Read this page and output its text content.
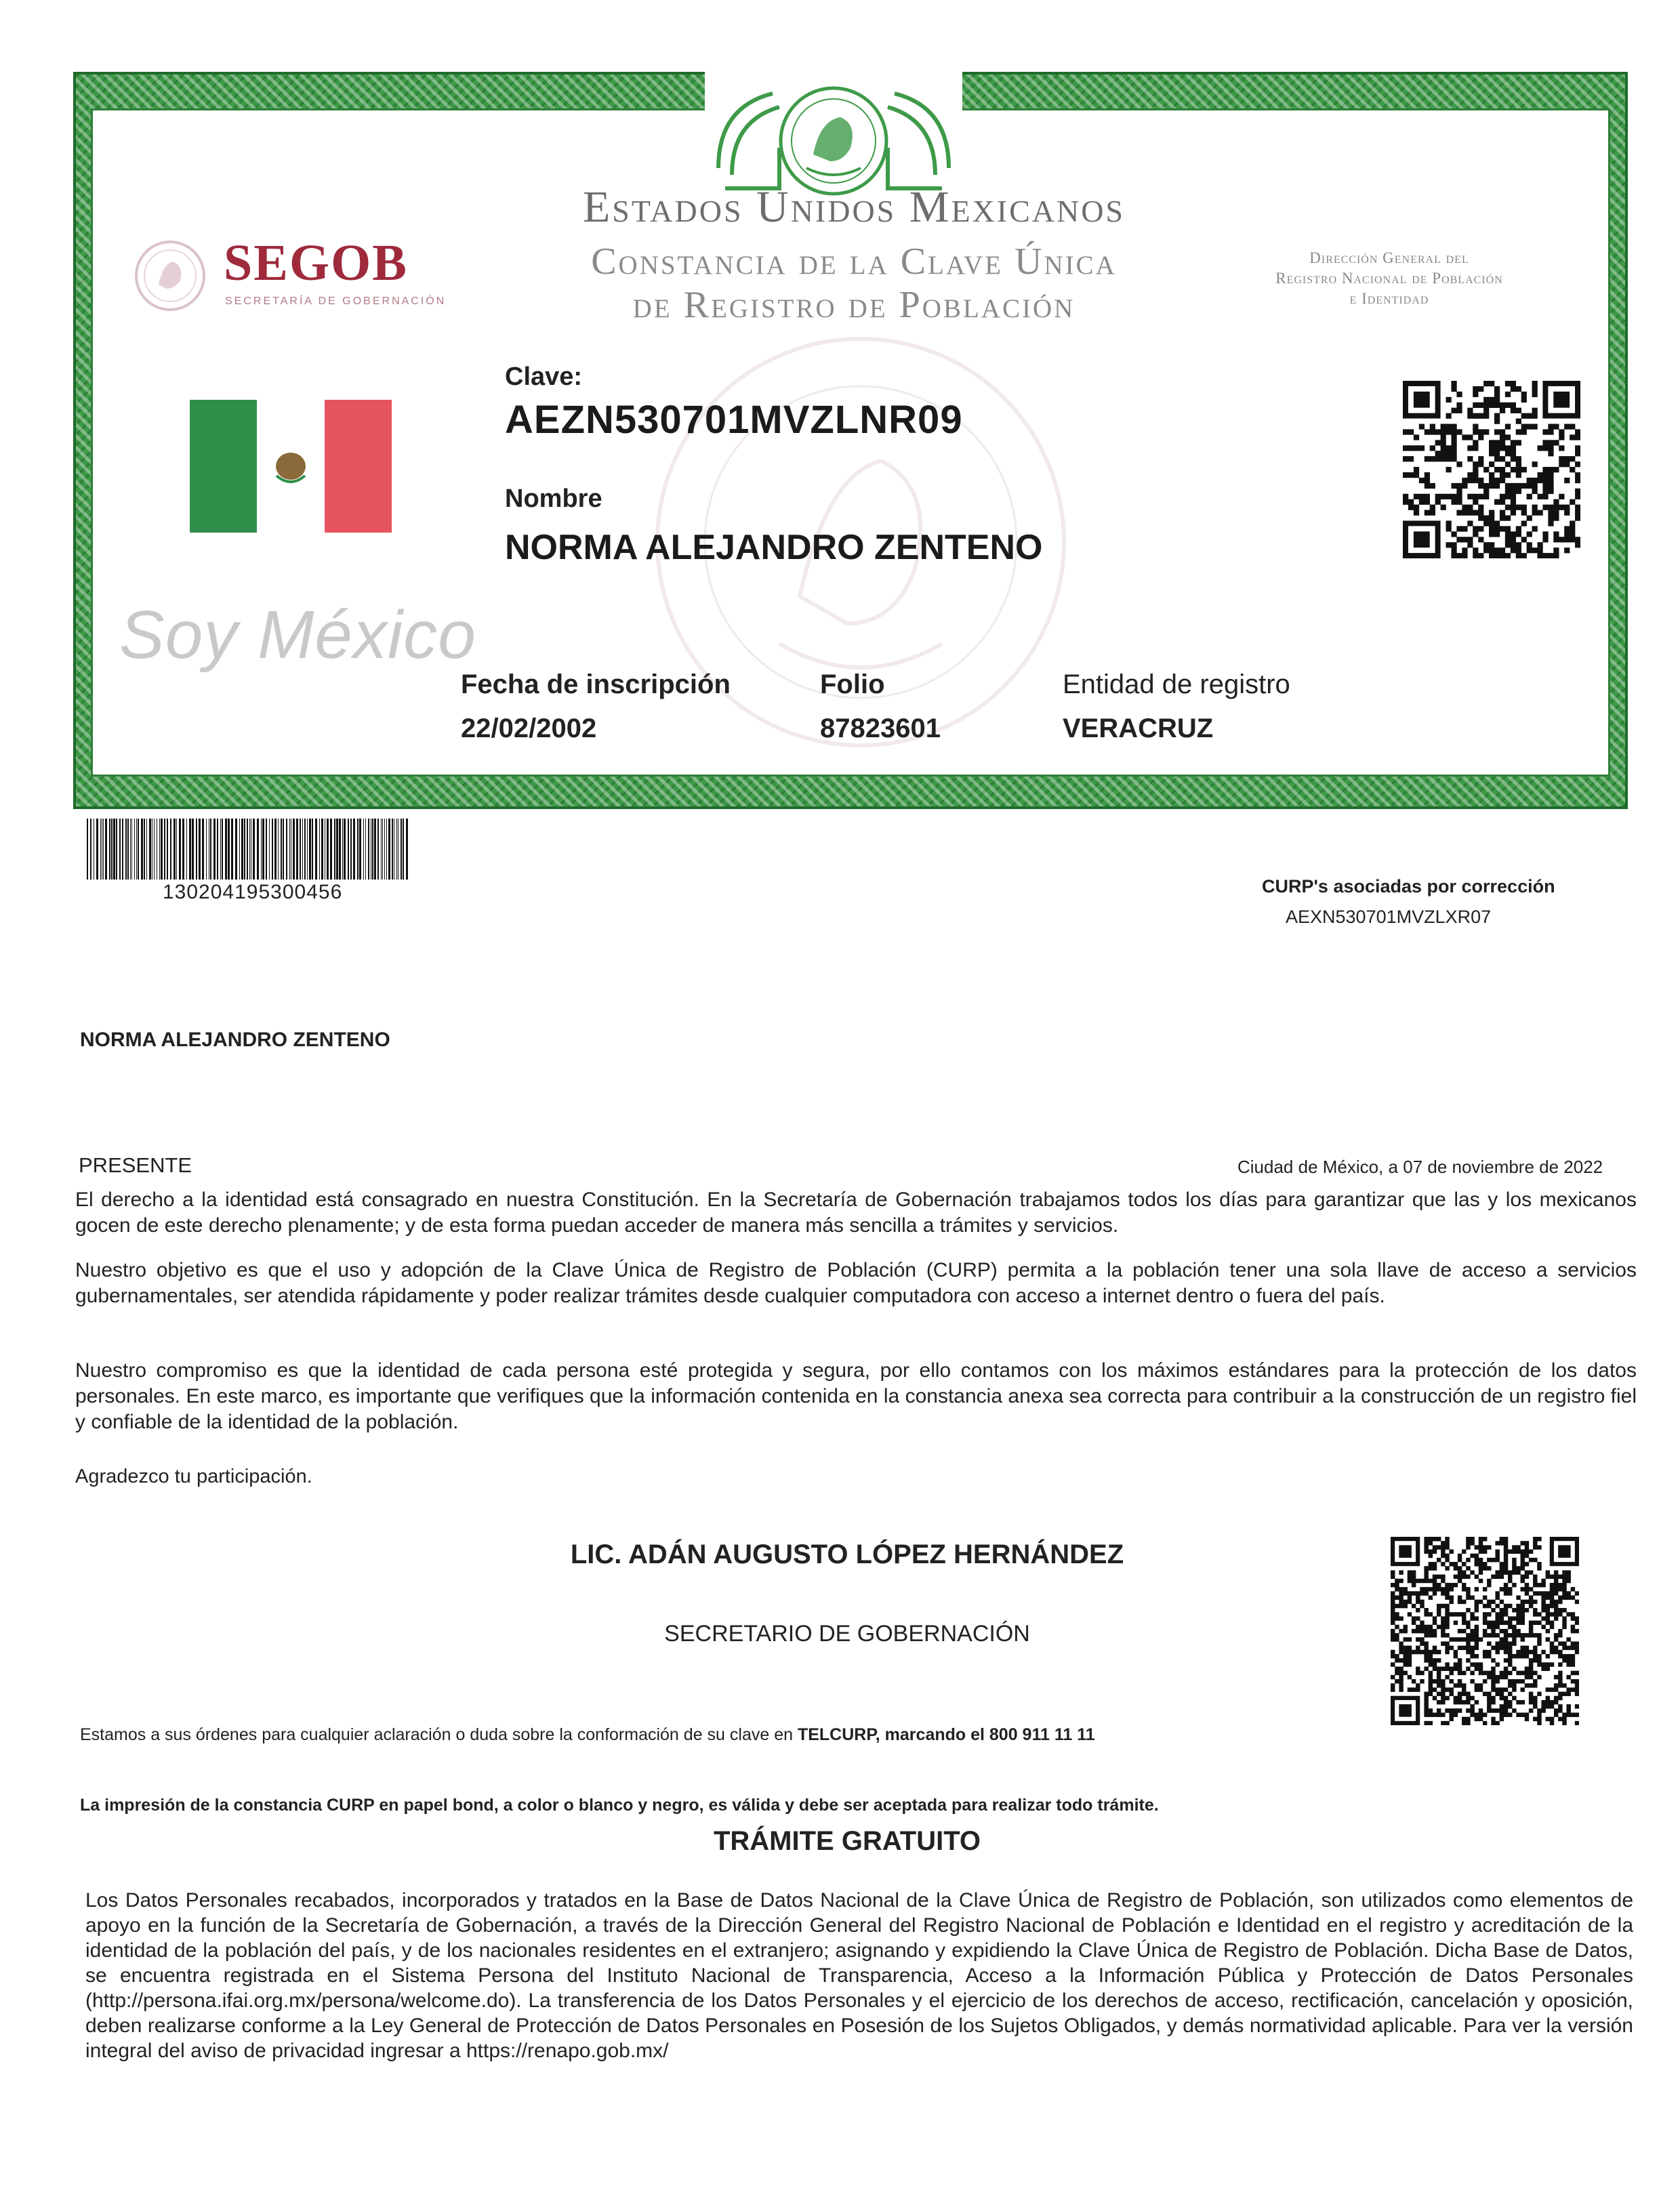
Estados Unidos Mexicanos
Constancia de la Clave Única
de Registro de Población
SEGOB
SECRETARÍA DE GOBERNACIÓN
Dirección General del
Registro Nacional de Población
e Identidad
Clave:
AEZN530701MVZLNR09
Nombre
NORMA ALEJANDRO ZENTENO
Soy México
Fecha de inscripción
22/02/2002
Folio
87823601
Entidad de registro
VERACRUZ
130204195300456	CURP's asociadas por corrección
AEXN530701MVZLXR07
NORMA ALEJANDRO ZENTENO
PRESENTE	Ciudad de México, a 07 de noviembre de 2022
El derecho a la identidad está consagrado en nuestra Constitución. En la Secretaría de Gobernación trabajamos todos los días para garantizar que las y los mexicanos gocen de este derecho plenamente; y de esta forma puedan acceder de manera más sencilla a trámites y servicios.
Nuestro objetivo es que el uso y adopción de la Clave Única de Registro de Población (CURP) permita a la población tener una sola llave de acceso a servicios gubernamentales, ser atendida rápidamente y poder realizar trámites desde cualquier computadora con acceso a internet dentro o fuera del país.
Nuestro compromiso es que la identidad de cada persona esté protegida y segura, por ello contamos con los máximos estándares para la protección de los datos personales. En este marco, es importante que verifiques que la información contenida en la constancia anexa sea correcta para contribuir a la construcción de un registro fiel y confiable de la identidad de la población.
Agradezco tu participación.
LIC. ADÁN AUGUSTO LÓPEZ HERNÁNDEZ
SECRETARIO DE GOBERNACIÓN
Estamos a sus órdenes para cualquier aclaración o duda sobre la conformación de su clave en TELCURP, marcando el 800 911 11 11
La impresión de la constancia CURP en papel bond, a color o blanco y negro, es válida y debe ser aceptada para realizar todo trámite.
TRÁMITE GRATUITO
Los Datos Personales recabados, incorporados y tratados en la Base de Datos Nacional de la Clave Única de Registro de Población, son utilizados como elementos de apoyo en la función de la Secretaría de Gobernación, a través de la Dirección General del Registro Nacional de Población e Identidad en el registro y acreditación de la identidad de la población del país, y de los nacionales residentes en el extranjero; asignando y expidiendo la Clave Única de Registro de Población. Dicha Base de Datos, se encuentra registrada en el Sistema Persona del Instituto Nacional de Transparencia, Acceso a la Información Pública y Protección de Datos Personales (http://persona.ifai.org.mx/persona/welcome.do). La transferencia de los Datos Personales y el ejercicio de los derechos de acceso, rectificación, cancelación y oposición, deben realizarse conforme a la Ley General de Protección de Datos Personales en Posesión de los Sujetos Obligados, y demás normatividad aplicable. Para ver la versión integral del aviso de privacidad ingresar a https://renapo.gob.mx/
